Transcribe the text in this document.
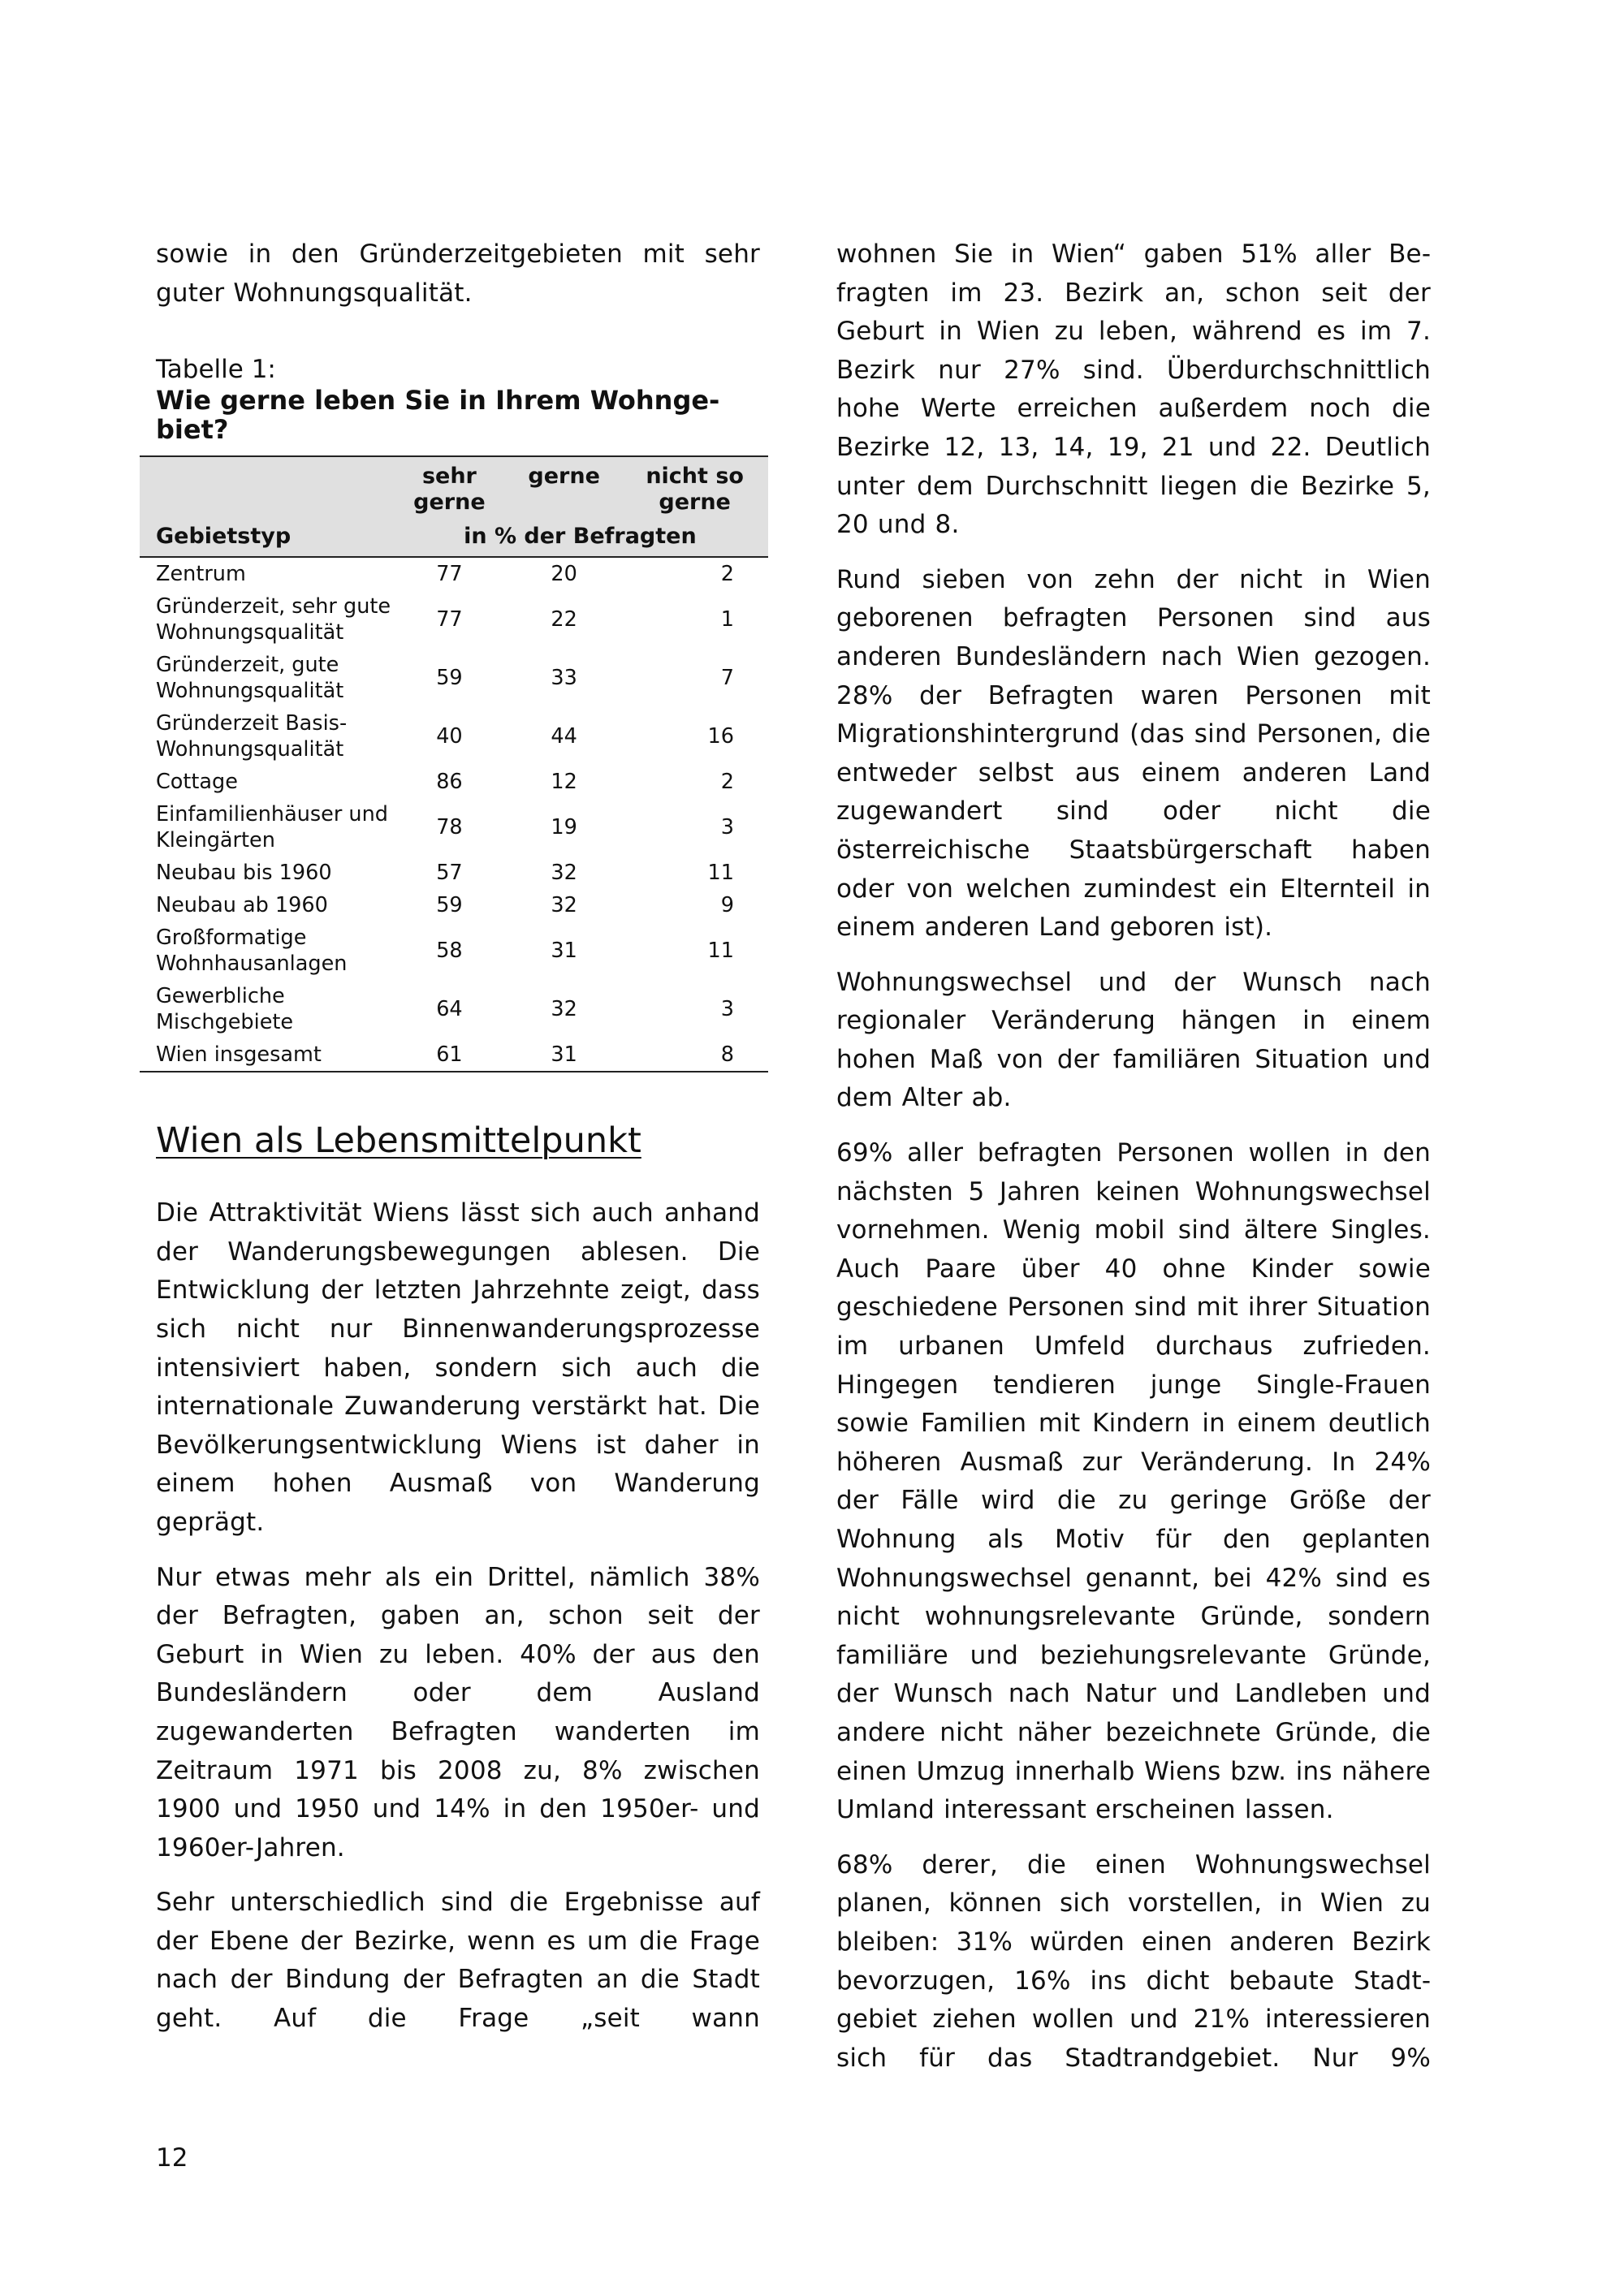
sowie in den Gründerzeitgebieten mit sehr guter Wohnungsqualität.

Tabelle 1:

Wie gerne leben Sie in Ihrem Wohngebiet?

	sehr gerne	gerne	nicht so gerne
Gebietstyp	in % der Befragten		
Zentrum	77	20	2
Gründerzeit, sehr gute Wohnungsqualität	77	22	1
Gründerzeit, gute Wohnungsqualität	59	33	7
Gründerzeit Basis-Wohnungsqualität	40	44	16
Cottage	86	12	2
Einfamilienhäuser und Kleingärten	78	19	3
Neubau bis 1960	57	32	11
Neubau ab 1960	59	32	9
Großformatige Wohnhausanlagen	58	31	11
Gewerbliche Mischgebiete	64	32	3
Wien insgesamt	61	31	8
Wien als Lebensmittelpunkt

Die Attraktivität Wiens lässt sich auch anhand der Wanderungsbewegungen ablesen. Die Entwicklung der letzten Jahrzehnte zeigt, dass sich nicht nur Binnenwanderungsprozesse intensiviert haben, sondern sich auch die internationale Zuwanderung verstärkt hat. Die Bevölkerungsentwicklung Wiens ist daher in einem hohen Ausmaß von Wanderung geprägt.

Nur etwas mehr als ein Drittel, nämlich 38% der Befragten, gaben an, schon seit der Geburt in Wien zu leben. 40% der aus den Bundesländern oder dem Ausland zugewanderten Befragten wanderten im Zeitraum 1971 bis 2008 zu, 8% zwischen 1900 und 1950 und 14% in den 1950er- und 1960er-Jahren.

Sehr unterschiedlich sind die Ergebnisse auf der Ebene der Bezirke, wenn es um die Frage nach der Bindung der Befragten an die Stadt geht. Auf die Frage „seit wann

wohnen Sie in Wien“ gaben 51% aller Befragten im 23. Bezirk an, schon seit der Geburt in Wien zu leben, während es im 7. Bezirk nur 27% sind. Überdurchschnittlich hohe Werte erreichen außerdem noch die Bezirke 12, 13, 14, 19, 21 und 22. Deutlich unter dem Durchschnitt liegen die Bezirke 5, 20 und 8.

Rund sieben von zehn der nicht in Wien geborenen befragten Personen sind aus anderen Bundesländern nach Wien gezogen. 28% der Befragten waren Personen mit Migrationshintergrund (das sind Personen, die entweder selbst aus einem anderen Land zugewandert sind oder nicht die österreichische Staatsbürgerschaft haben oder von welchen zumindest ein Elternteil in einem anderen Land geboren ist).

Wohnungswechsel und der Wunsch nach regionaler Veränderung hängen in einem hohen Maß von der familiären Situation und dem Alter ab.

69% aller befragten Personen wollen in den nächsten 5 Jahren keinen Wohnungswechsel vornehmen. Wenig mobil sind ältere Singles. Auch Paare über 40 ohne Kinder sowie geschiedene Personen sind mit ihrer Situation im urbanen Umfeld durchaus zufrieden. Hingegen tendieren junge Single-Frauen sowie Familien mit Kindern in einem deutlich höheren Ausmaß zur Veränderung. In 24% der Fälle wird die zu geringe Größe der Wohnung als Motiv für den geplanten Wohnungswechsel genannt, bei 42% sind es nicht wohnungsrelevante Gründe, sondern familiäre und beziehungsrelevante Gründe, der Wunsch nach Natur und Landleben und andere nicht näher bezeichnete Gründe, die einen Umzug innerhalb Wiens bzw. ins nähere Umland interessant erscheinen lassen.

68% derer, die einen Wohnungswechsel planen, können sich vorstellen, in Wien zu bleiben: 31% würden einen anderen Bezirk bevorzugen, 16% ins dicht bebaute Stadtgebiet ziehen wollen und 21% interessieren sich für das Stadtrandgebiet. Nur 9%

12
